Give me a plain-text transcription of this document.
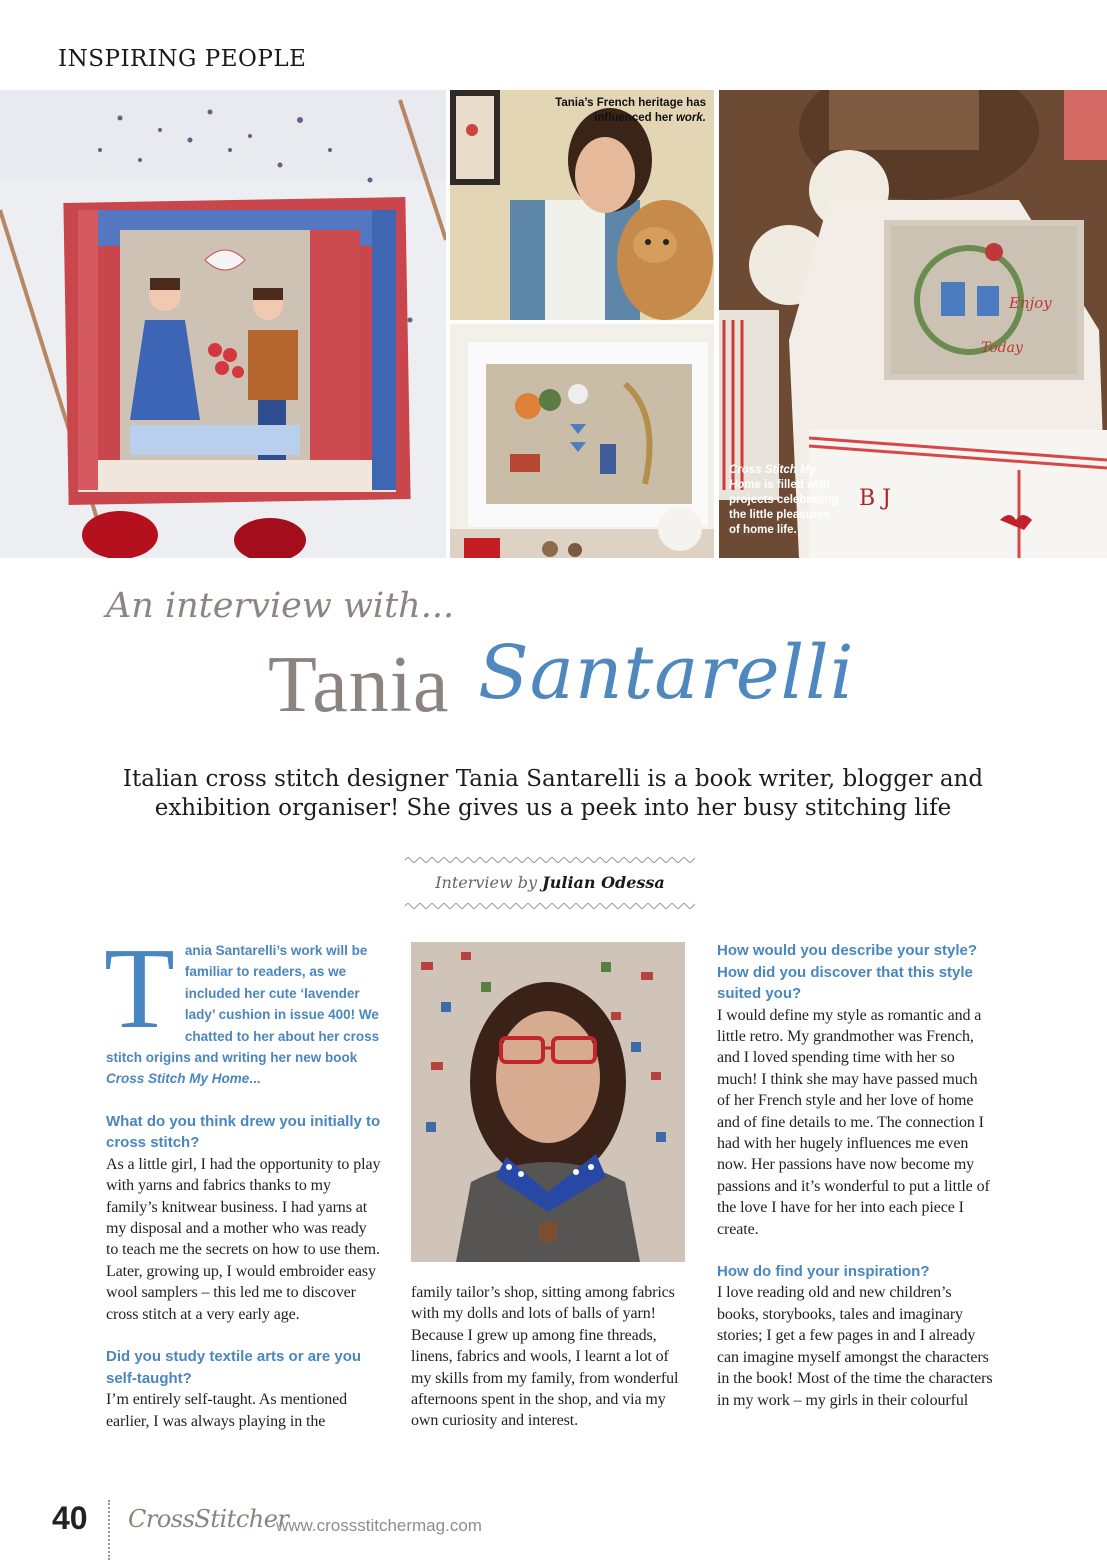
INSPIRING PEOPLE
Tania’s French heritage has influenced her work.
Enjoy
Today
B J
Cross Stitch My Home is filled with projects celebrating the little pleasures of home life.
An interview with...
Tania Santarelli
Italian cross stitch designer Tania Santarelli is a book writer, blogger and exhibition organiser! She gives us a peek into her busy stitching life
Interview by Julian Odessa
T ania Santarelli’s work will be familiar to readers, as we included her cute ‘lavender lady’ cushion in issue 400! We chatted to her about her cross stitch origins and writing her new book Cross Stitch My Home...
What do you think drew you initially to cross stitch?
As a little girl, I had the opportunity to play with yarns and fabrics thanks to my family’s knitwear business. I had yarns at my disposal and a mother who was ready to teach me the secrets on how to use them. Later, growing up, I would embroider easy wool samplers – this led me to discover cross stitch at a very early age.
Did you study textile arts or are you self-taught?
I’m entirely self-taught. As mentioned earlier, I was always playing in the
family tailor’s shop, sitting among fabrics with my dolls and lots of balls of yarn! Because I grew up among fine threads, linens, fabrics and wools, I learnt a lot of my skills from my family, from wonderful afternoons spent in the shop, and via my own curiosity and interest.
How would you describe your style? How did you discover that this style suited you?
I would define my style as romantic and a little retro. My grandmother was French, and I loved spending time with her so much! I think she may have passed much of her French style and her love of home and of fine details to me. The connection I had with her hugely influences me even now. Her passions have now become my passions and it’s wonderful to put a little of the love I have for her into each piece I create.
How do find your inspiration?
I love reading old and new children’s books, storybooks, tales and imaginary stories; I get a few pages in and I already can imagine myself amongst the characters in the book! Most of the time the characters in my work – my girls in their colourful
40 CrossStitcher
www.crossstitchermag.com
